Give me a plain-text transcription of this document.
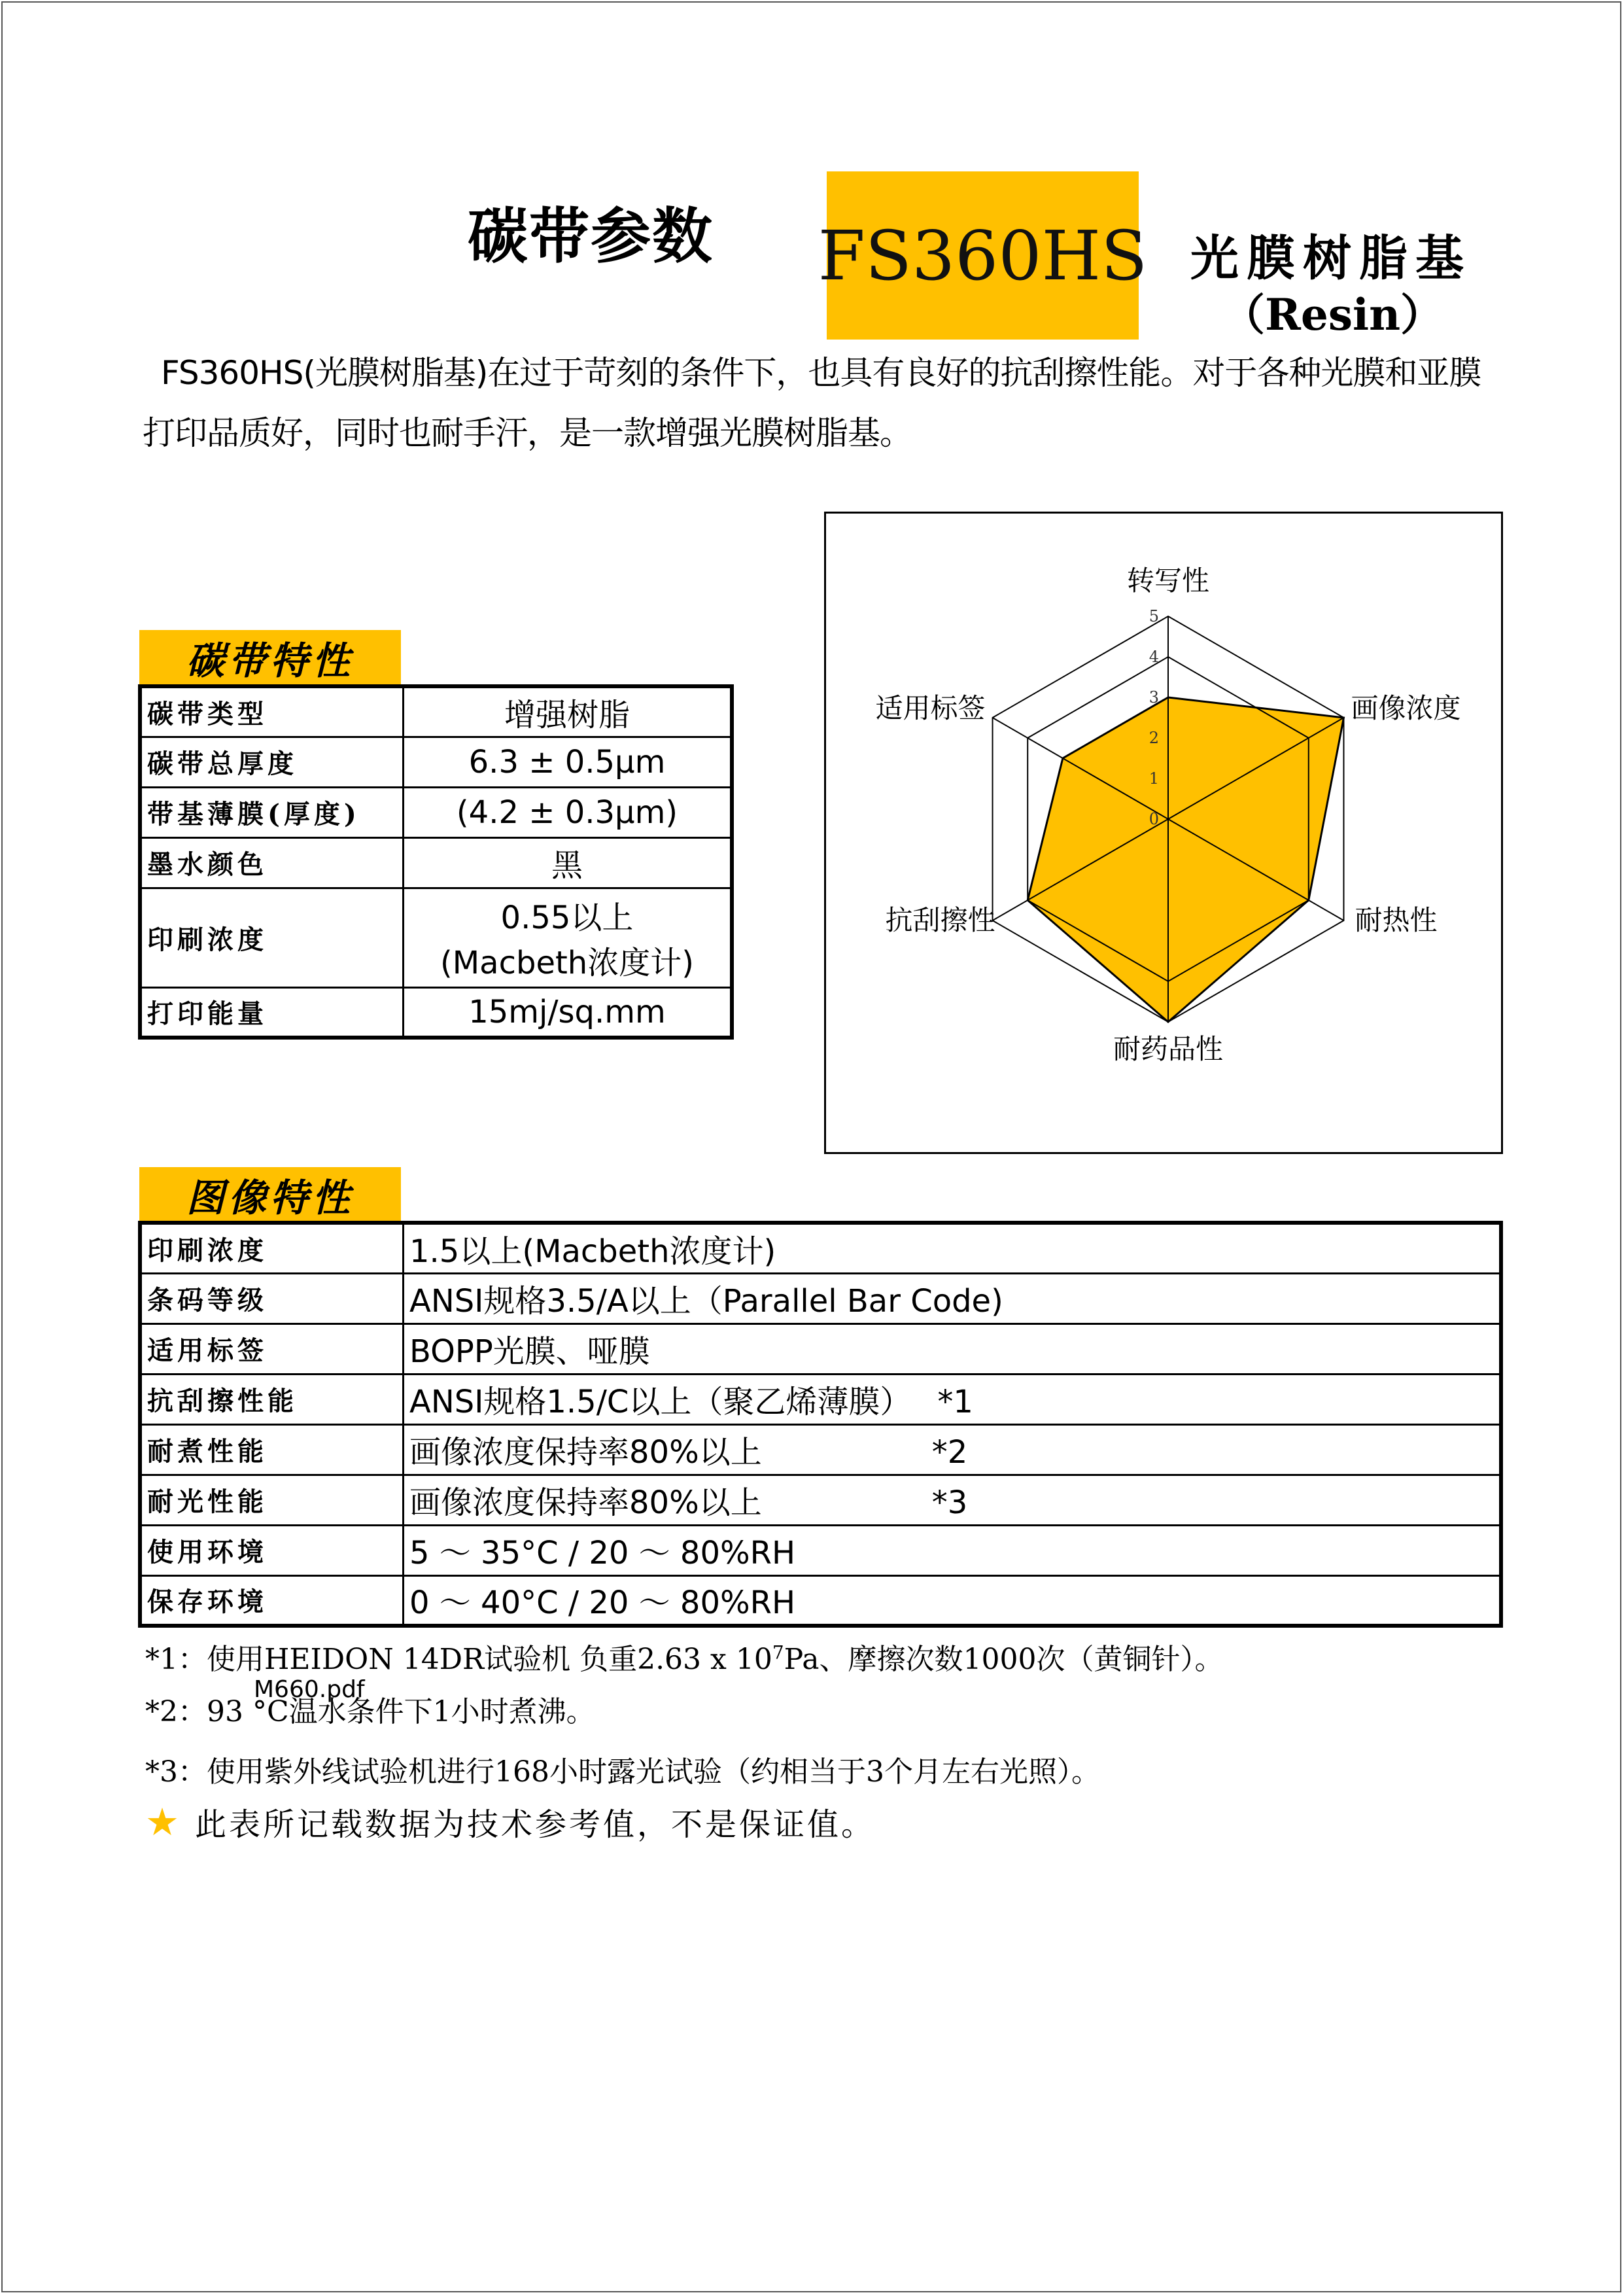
碳带参数 FS360HS 光膜树脂基
（Resin）
FS360HS(光膜树脂基)在过于苛刻的条件下，也具有良好的抗刮擦性能。对于各种光膜和亚膜打印品质好，同时也耐手汗，是一款增强光膜树脂基。
碳带特性
碳带类型	增强树脂
碳带总厚度	6.3 ± 0.5μm
带基薄膜(厚度)	(4.2 ± 0.3μm)
墨水颜色	黑
印刷浓度	0.55以上
(Macbeth浓度计)

打印能量	15mj/sq.mm
0
1
2
3
4
5
转写性
画像浓度
耐热性
耐药品性
抗刮擦性
适用标签
图像特性
印刷浓度	1.5以上(Macbeth浓度计)
条码等级	ANSI规格3.5/A以上（Parallel Bar Code)
适用标签	BOPP光膜、哑膜
抗刮擦性能	ANSI规格1.5/C以上（聚乙烯薄膜） *1
耐煮性能	画像浓度保持率80%以上 *2
耐光性能	画像浓度保持率80%以上 *3
使用环境	5 ～ 35°C / 20 ～ 80%RH
保存环境	0 ～ 40°C / 20 ～ 80%RH
*1：使用HEIDON 14DR试验机 负重2.63 x $10^7Pa$、摩擦次数1000次（黄铜针）。
*2：93 °C温水条件下1小时煮沸。
M660.pdf
*3：使用紫外线试验机进行168小时露光试验（约相当于3个月左右光照）。
★ 此表所记载数据为技术参考值，不是保证值。
